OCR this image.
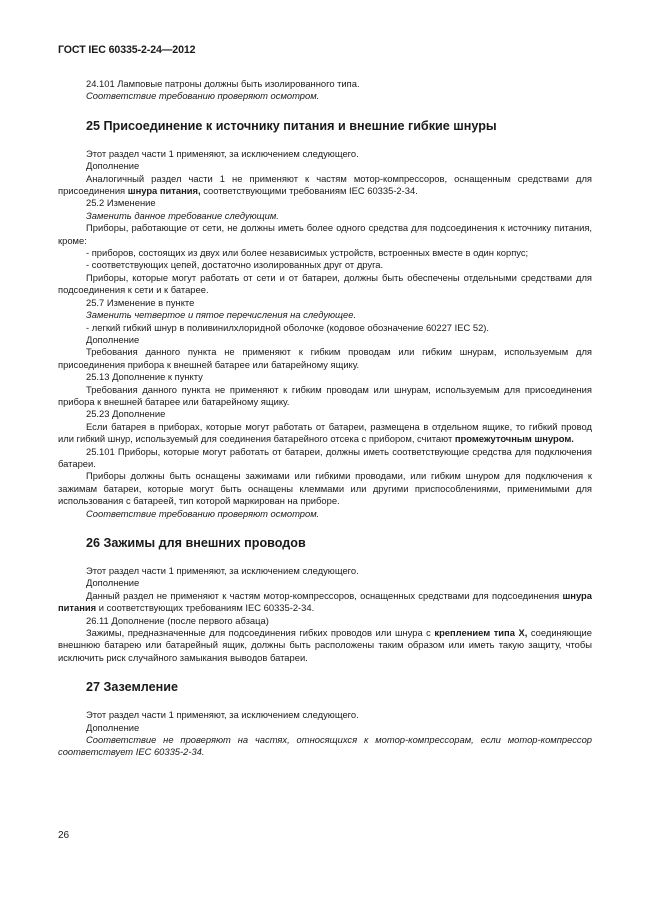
ГОСТ IEC 60335-2-24—2012

24.101 Ламповые патроны должны быть изолированного типа.

Соответствие требованию проверяют осмотром.

25 Присоединение к источнику питания и внешние гибкие шнуры

Этот раздел части 1 применяют, за исключением следующего.

Дополнение

Аналогичный раздел части 1 не применяют к частям мотор-компрессоров, оснащенным средствами для присоединения шнура питания, соответствующими требованиям IEC 60335-2-34.

25.2 Изменение

Заменить данное требование следующим.

Приборы, работающие от сети, не должны иметь более одного средства для подсоединения к источнику питания, кроме:

- приборов, состоящих из двух или более независимых устройств, встроенных вместе в один корпус;

- соответствующих цепей, достаточно изолированных друг от друга.

Приборы, которые могут работать от сети и от батареи, должны быть обеспечены отдельными средствами для подсоединения к сети и к батарее.

25.7 Изменение в пункте

Заменить четвертое и пятое перечисления на следующее.

- легкий гибкий шнур в поливинилхлоридной оболочке (кодовое обозначение 60227 IEC 52).

Дополнение

Требования данного пункта не применяют к гибким проводам или гибким шнурам, используемым для присоединения прибора к внешней батарее или батарейному ящику.

25.13 Дополнение к пункту

Требования данного пункта не применяют к гибким проводам или шнурам, используемым для присоединения прибора к внешней батарее или батарейному ящику.

25.23 Дополнение

Если батарея в приборах, которые могут работать от батареи, размещена в отдельном ящике, то гибкий провод или гибкий шнур, используемый для соединения батарейного отсека с прибором, считают промежуточным шнуром.

25.101 Приборы, которые могут работать от батареи, должны иметь соответствующие средства для подключения батареи.

Приборы должны быть оснащены зажимами или гибкими проводами, или гибким шнуром для подключения к зажимам батареи, которые могут быть оснащены клеммами или другими приспособлениями, применимыми для использования с батареей, тип которой маркирован на приборе.

Соответствие требованию проверяют осмотром.

26 Зажимы для внешних проводов

Этот раздел части 1 применяют, за исключением следующего.

Дополнение

Данный раздел не применяют к частям мотор-компрессоров, оснащенных средствами для подсоединения шнура питания и соответствующих требованиям IEC 60335-2-34.

26.11 Дополнение (после первого абзаца)

Зажимы, предназначенные для подсоединения гибких проводов или шнура с креплением типа X, соединяющие внешнюю батарею или батарейный ящик, должны быть расположены таким образом или иметь такую защиту, чтобы исключить риск случайного замыкания выводов батареи.

27 Заземление

Этот раздел части 1 применяют, за исключением следующего.

Дополнение

Соответствие не проверяют на частях, относящихся к мотор-компрессорам, если мотор-компрессор соответствует IEC 60335-2-34.

26
